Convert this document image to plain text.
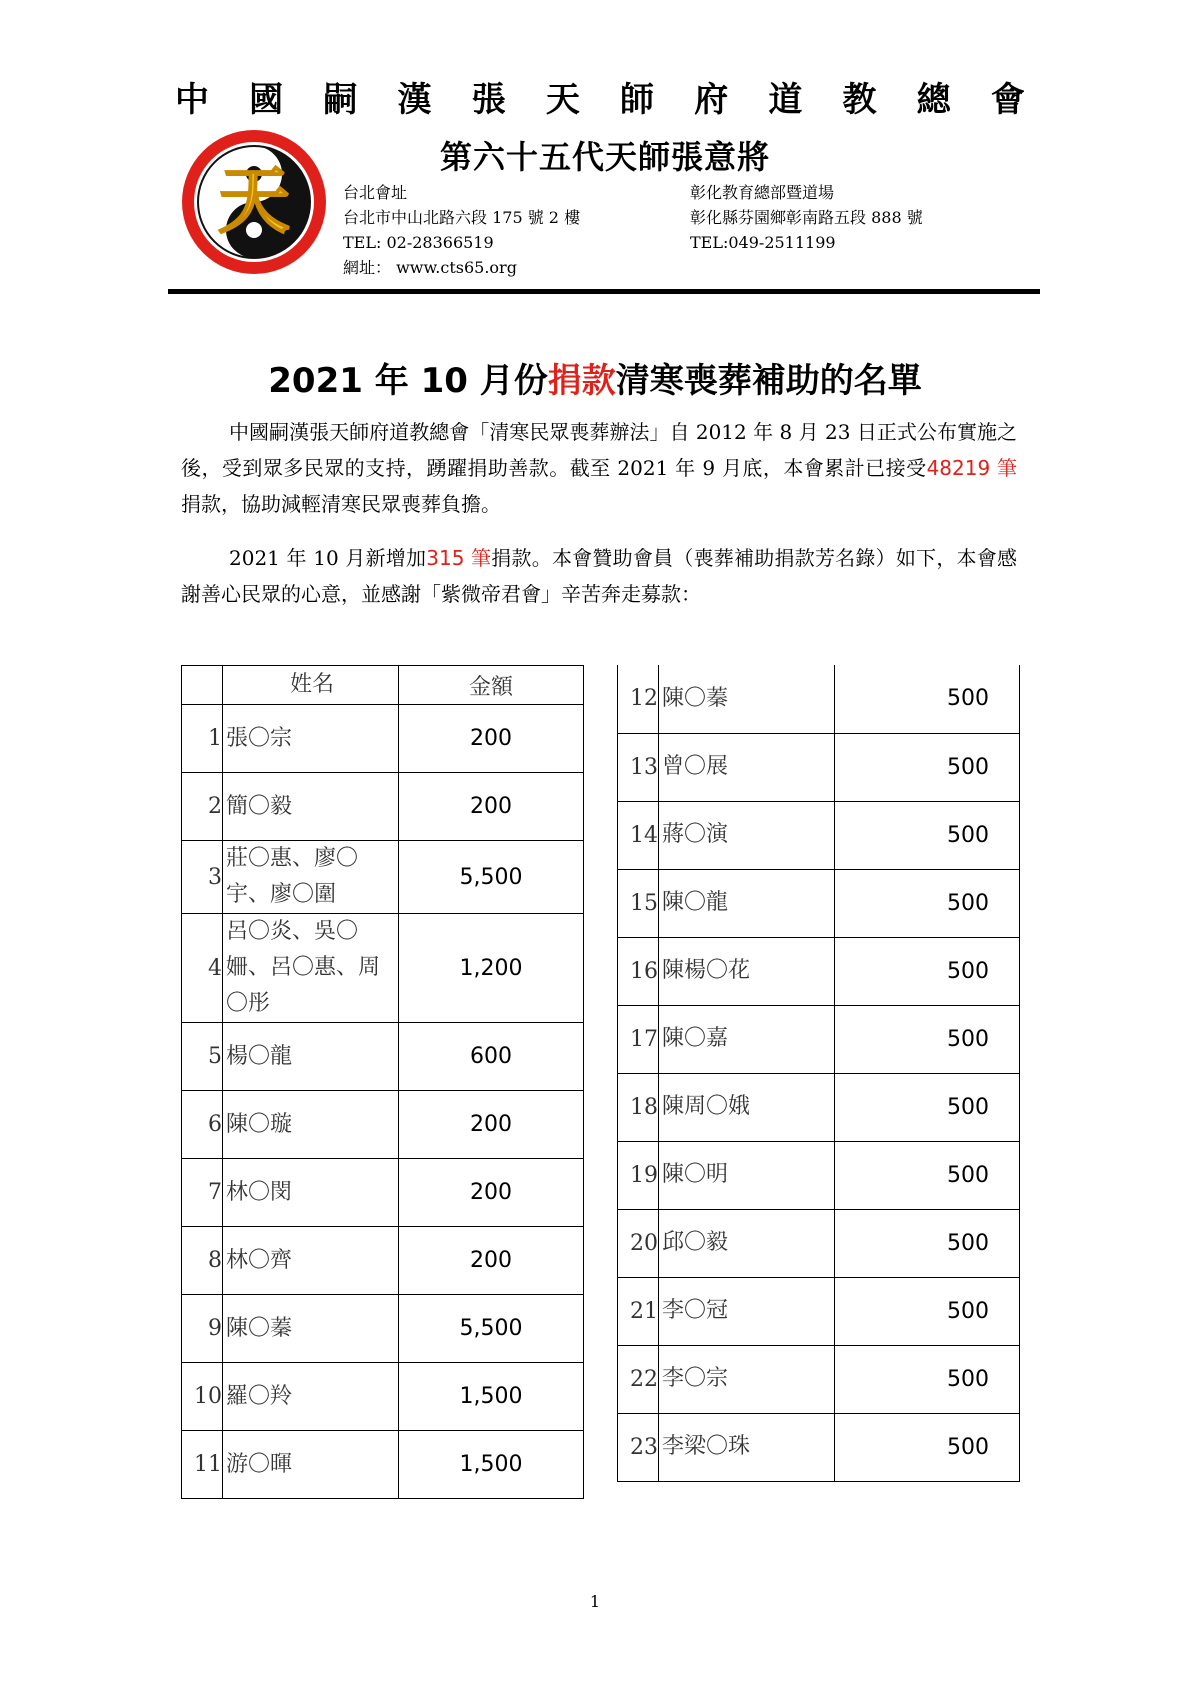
中 國 嗣 漢 張 天 師 府 道 教 總 會
天
第六十五代天師張意將
台北會址
台北市中山北路六段 175 號 2 樓
TEL: 02-28366519
網址： www.cts65.org
彰化教育總部暨道場
彰化縣芬園鄉彰南路五段 888 號
TEL:049-2511199
2021 年 10 月份捐款清寒喪葬補助的名單
中國嗣漢張天師府道教總會「清寒民眾喪葬辦法」自 2012 年 8 月 23 日正式公布實施之後，受到眾多民眾的支持，踴躍捐助善款。截至 2021 年 9 月底，本會累計已接受48219 筆捐款，協助減輕清寒民眾喪葬負擔。
2021 年 10 月新增加315 筆捐款。本會贊助會員（喪葬補助捐款芳名錄）如下，本會感謝善心民眾的心意，並感謝「紫微帝君會」辛苦奔走募款：
	姓名	金額
1	張〇宗	200
2	簡〇毅	200
3	莊〇惠、廖〇宇、廖〇圍	5,500
4	呂〇炎、吳〇姍、呂〇惠、周〇彤	1,200
5	楊〇龍	600
6	陳〇璇	200
7	林〇閔	200
8	林〇齊	200
9	陳〇蓁	5,500
10	羅〇羚	1,500
11	游〇暉	1,500
12	陳〇蓁	500
13	曾〇展	500
14	蔣〇演	500
15	陳〇龍	500
16	陳楊〇花	500
17	陳〇嘉	500
18	陳周〇娥	500
19	陳〇明	500
20	邱〇毅	500
21	李〇冠	500
22	李〇宗	500
23	李梁〇珠	500
1
